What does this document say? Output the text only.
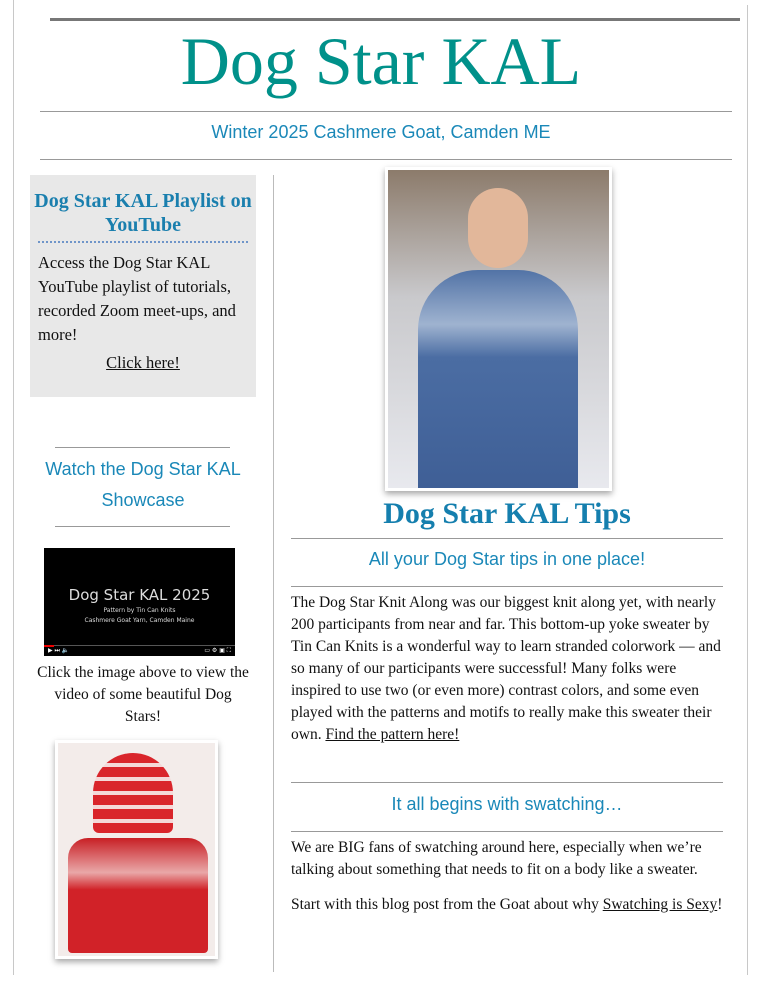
Dog Star KAL
Winter 2025 Cashmere Goat, Camden ME
Dog Star KAL Playlist on YouTube

Access the Dog Star KAL YouTube playlist of tutorials, recorded Zoom meet-ups, and more!

Click here!
Watch the Dog Star KAL Showcase
Dog Star KAL 2025
Pattern by Tin Can Knits
Cashmere Goat Yarn, Camden Maine
▶ ⏭ 🔈	▭ ⚙ ▣ ⛶
Click the image above to view the video of some beautiful Dog Stars!
Dog Star KAL Tips
All your Dog Star tips in one place!
The Dog Star Knit Along was our biggest knit along yet, with nearly 200 participants from near and far. This bottom-up yoke sweater by Tin Can Knits is a wonderful way to learn stranded colorwork — and so many of our participants were successful! Many folks were inspired to use two (or even more) contrast colors, and some even played with the patterns and motifs to really make this sweater their own. Find the pattern here!
It all begins with swatching…
We are BIG fans of swatching around here, especially when we’re talking about something that needs to fit on a body like a sweater.
Start with this blog post from the Goat about why Swatching is Sexy!
